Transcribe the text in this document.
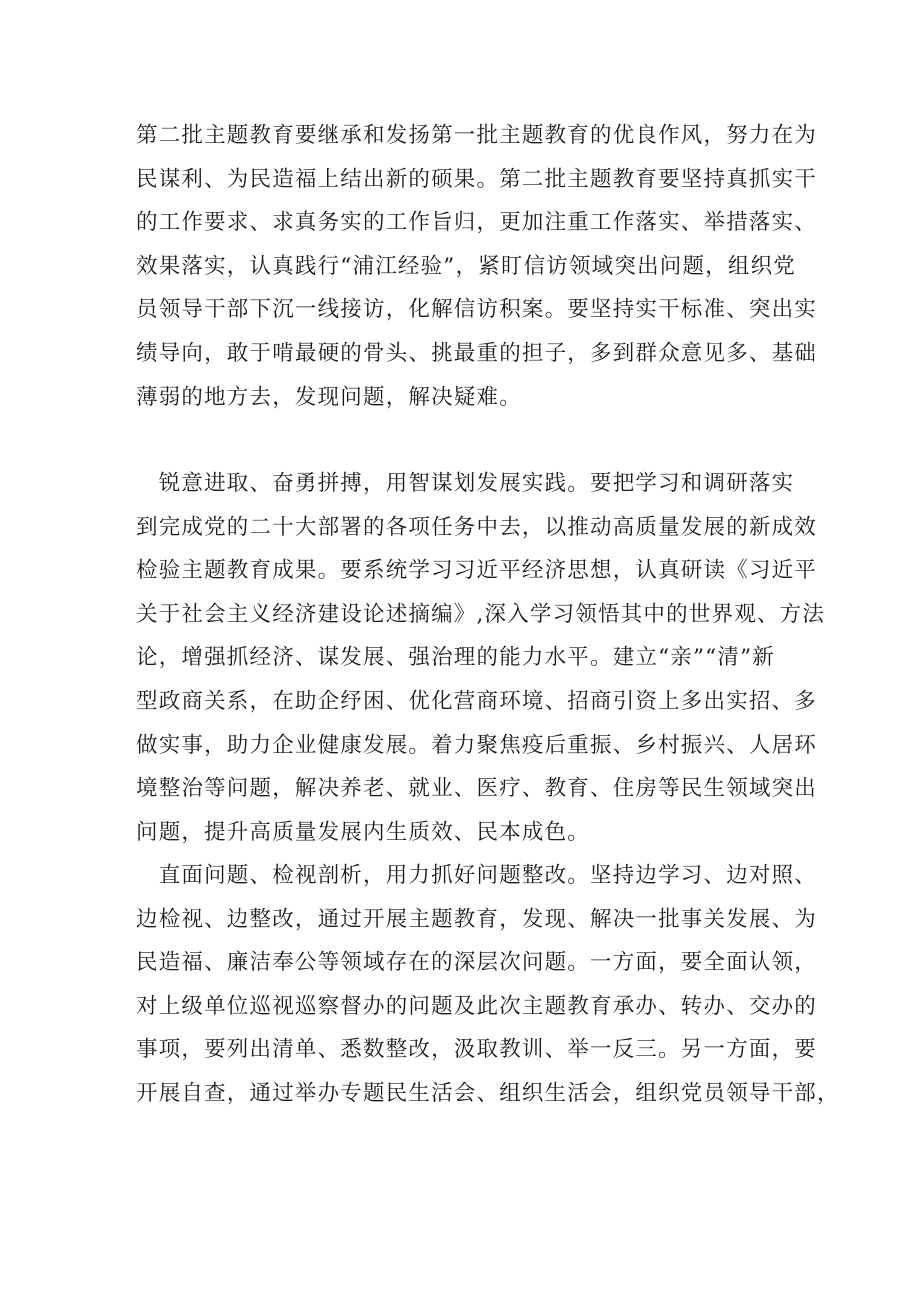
第二批主题教育要继承和发扬第一批主题教育的优良作风，努力在为
民谋利、为民造福上结出新的硕果。第二批主题教育要坚持真抓实干
的工作要求、求真务实的工作旨归，更加注重工作落实、举措落实、
效果落实，认真践行“浦江经验”，紧盯信访领域突出问题，组织党
员领导干部下沉一线接访，化解信访积案。要坚持实干标准、突出实
绩导向，敢于啃最硬的骨头、挑最重的担子，多到群众意见多、基础
薄弱的地方去，发现问题，解决疑难。
　锐意进取、奋勇拼搏，用智谋划发展实践。要把学习和调研落实
到完成党的二十大部署的各项任务中去，以推动高质量发展的新成效
检验主题教育成果。要系统学习习近平经济思想，认真研读《习近平
关于社会主义经济建设论述摘编》,深入学习领悟其中的世界观、方法
论，增强抓经济、谋发展、强治理的能力水平。建立“亲”“清”新
型政商关系，在助企纾困、优化营商环境、招商引资上多出实招、多
做实事，助力企业健康发展。着力聚焦疫后重振、乡村振兴、人居环
境整治等问题，解决养老、就业、医疗、教育、住房等民生领域突出
问题，提升高质量发展内生质效、民本成色。
　直面问题、检视剖析，用力抓好问题整改。坚持边学习、边对照、
边检视、边整改，通过开展主题教育，发现、解决一批事关发展、为
民造福、廉洁奉公等领域存在的深层次问题。一方面，要全面认领，
对上级单位巡视巡察督办的问题及此次主题教育承办、转办、交办的
事项，要列出清单、悉数整改，汲取教训、举一反三。另一方面，要
开展自查，通过举办专题民生活会、组织生活会，组织党员领导干部，
